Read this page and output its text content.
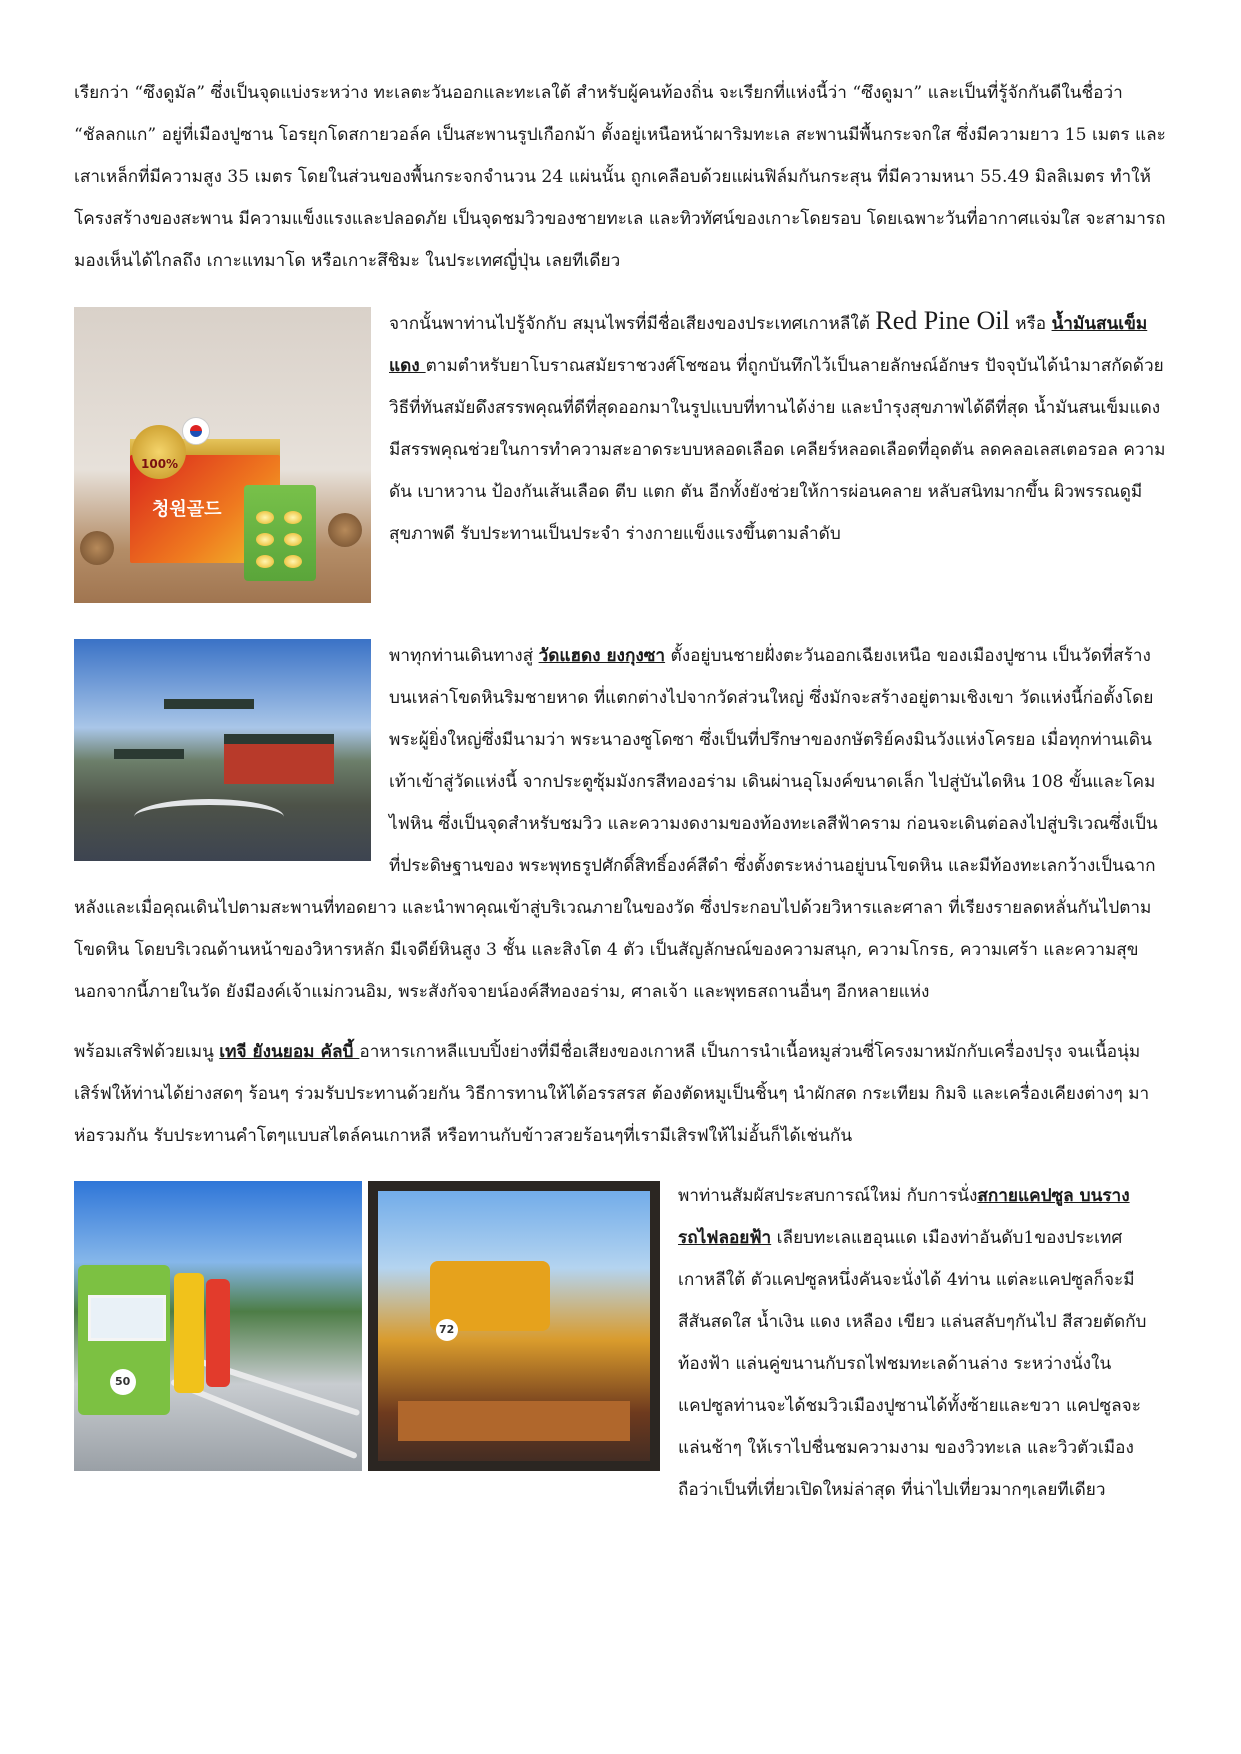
เรียกว่า “ซึงดูมัล” ซึ่งเป็นจุดแบ่งระหว่าง ทะเลตะวันออกและทะเลใต้ สำหรับผู้คนท้องถิ่น จะเรียกที่แห่งนี้ว่า “ซึงดูมา” และเป็นที่รู้จักกันดีในชื่อว่า “ชัลลกแก” อยู่ที่เมืองปูซาน โอรยุกโดสกายวอล์ค เป็นสะพานรูปเกือกม้า ตั้งอยู่เหนือหน้าผาริมทะเล สะพานมีพื้นกระจกใส ซึ่งมีความยาว 15 เมตร และเสาเหล็กที่มีความสูง 35 เมตร โดยในส่วนของพื้นกระจกจำนวน 24 แผ่นนั้น ถูกเคลือบด้วยแผ่นฟิล์มกันกระสุน ที่มีความหนา 55.49 มิลลิเมตร ทำให้โครงสร้างของสะพาน มีความแข็งแรงและปลอดภัย เป็นจุดชมวิวของชายทะเล และทิวทัศน์ของเกาะโดยรอบ โดยเฉพาะวันที่อากาศแจ่มใส จะสามารถมองเห็นได้ไกลถึง เกาะแทมาโด หรือเกาะสึชิมะ ในประเทศญี่ปุ่น เลยทีเดียว

청원골드
100%

จากนั้นพาท่านไปรู้จักกับ สมุนไพรที่มีชื่อเสียงของประเทศเกาหลีใต้ Red Pine Oil หรือ น้ำมันสนเข็มแดง ตามตำหรับยาโบราณสมัยราชวงศ์โชซอน ที่ถูกบันทึกไว้เป็นลายลักษณ์อักษร ปัจจุบันได้นำมาสกัดด้วยวิธีที่ทันสมัยดึงสรรพคุณที่ดีที่สุดออกมาในรูปแบบที่ทานได้ง่าย และบำรุงสุขภาพได้ดีที่สุด น้ำมันสนเข็มแดงมีสรรพคุณช่วยในการทำความสะอาดระบบหลอดเลือด เคลียร์หลอดเลือดที่อุดตัน ลดคลอเลสเตอรอล ความดัน เบาหวาน ป้องกันเส้นเลือด ตีบ แตก ตัน อีกทั้งยังช่วยให้การผ่อนคลาย หลับสนิทมากขึ้น ผิวพรรณดูมีสุขภาพดี รับประทานเป็นประจำ ร่างกายแข็งแรงขึ้นตามลำดับ

พาทุกท่านเดินทางสู่ วัดแฮดง ยงกุงซา ตั้งอยู่บนชายฝั่งตะวันออกเฉียงเหนือ ของเมืองปูซาน เป็นวัดที่สร้างบนเหล่าโขดหินริมชายหาด ที่แตกต่างไปจากวัดส่วนใหญ่ ซึ่งมักจะสร้างอยู่ตามเชิงเขา วัดแห่งนี้ก่อตั้งโดย พระผู้ยิ่งใหญ่ซึ่งมีนามว่า พระนาองซูโดซา ซึ่งเป็นที่ปรึกษาของกษัตริย์คงมินวังแห่งโครยอ เมื่อทุกท่านเดินเท้าเข้าสู่วัดแห่งนี้ จากประตูซุ้มมังกรสีทองอร่าม เดินผ่านอุโมงค์ขนาดเล็ก ไปสู่บันไดหิน 108 ขั้นและโคมไฟหิน ซึ่งเป็นจุดสำหรับชมวิว และความงดงามของท้องทะเลสีฟ้าคราม ก่อนจะเดินต่อลงไปสู่บริเวณซึ่งเป็นที่ประดิษฐานของ พระพุทธรูปศักดิ์สิทธิ์องค์สีดำ ซึ่งตั้งตระหง่านอยู่บนโขดหิน และมีท้องทะเลกว้างเป็นฉากหลังและเมื่อคุณเดินไปตามสะพานที่ทอดยาว และนำพาคุณเข้าสู่บริเวณภายในของวัด ซึ่งประกอบไปด้วยวิหารและศาลา ที่เรียงรายลดหลั่นกันไปตามโขดหิน โดยบริเวณด้านหน้าของวิหารหลัก มีเจดีย์หินสูง 3 ชั้น และสิงโต 4 ตัว เป็นสัญลักษณ์ของความสนุก, ความโกรธ, ความเศร้า และความสุข นอกจากนี้ภายในวัด ยังมีองค์เจ้าแม่กวนอิม, พระสังกัจจายน์องค์สีทองอร่าม, ศาลเจ้า และพุทธสถานอื่นๆ อีกหลายแห่ง

พร้อมเสริฟด้วยเมนู เทจี ยังนยอม คัลบี้ อาหารเกาหลีแบบปิ้งย่างที่มีชื่อเสียงของเกาหลี เป็นการนำเนื้อหมูส่วนซี่โครงมาหมักกับเครื่องปรุง จนเนื้อนุ่ม เสิร์ฟให้ท่านได้ย่างสดๆ ร้อนๆ ร่วมรับประทานด้วยกัน วิธีการทานให้ได้อรรสรส ต้องตัดหมูเป็นชิ้นๆ นำผักสด กระเทียม กิมจิ และเครื่องเคียงต่างๆ มาห่อรวมกัน รับประทานคำโตๆแบบสไตล์คนเกาหลี หรือทานกับข้าวสวยร้อนๆที่เรามีเสิรฟให้ไม่อั้นก็ได้เช่นกัน

50
72

พาท่านสัมผัสประสบการณ์ใหม่ กับการนั่งสกายแคปซูล บนรางรถไฟลอยฟ้า เลียบทะเลแฮอุนแด เมืองท่าอันดับ1ของประเทศเกาหลีใต้ ตัวแคปซูลหนึ่งคันจะนั่งได้ 4ท่าน แต่ละแคปซูลก็จะมีสีสันสดใส น้ำเงิน แดง เหลือง เขียว แล่นสลับๆกันไป สีสวยตัดกับท้องฟ้า แล่นคู่ขนานกับรถไฟชมทะเลด้านล่าง ระหว่างนั่งในแคปซูลท่านจะได้ชมวิวเมืองปูซานได้ทั้งซ้ายและขวา แคปซูลจะแล่นช้าๆ ให้เราไปชื่นชมความงาม ของวิวทะเล และวิวตัวเมือง ถือว่าเป็นที่เที่ยวเปิดใหม่ล่าสุด ที่น่าไปเที่ยวมากๆเลยทีเดียว
